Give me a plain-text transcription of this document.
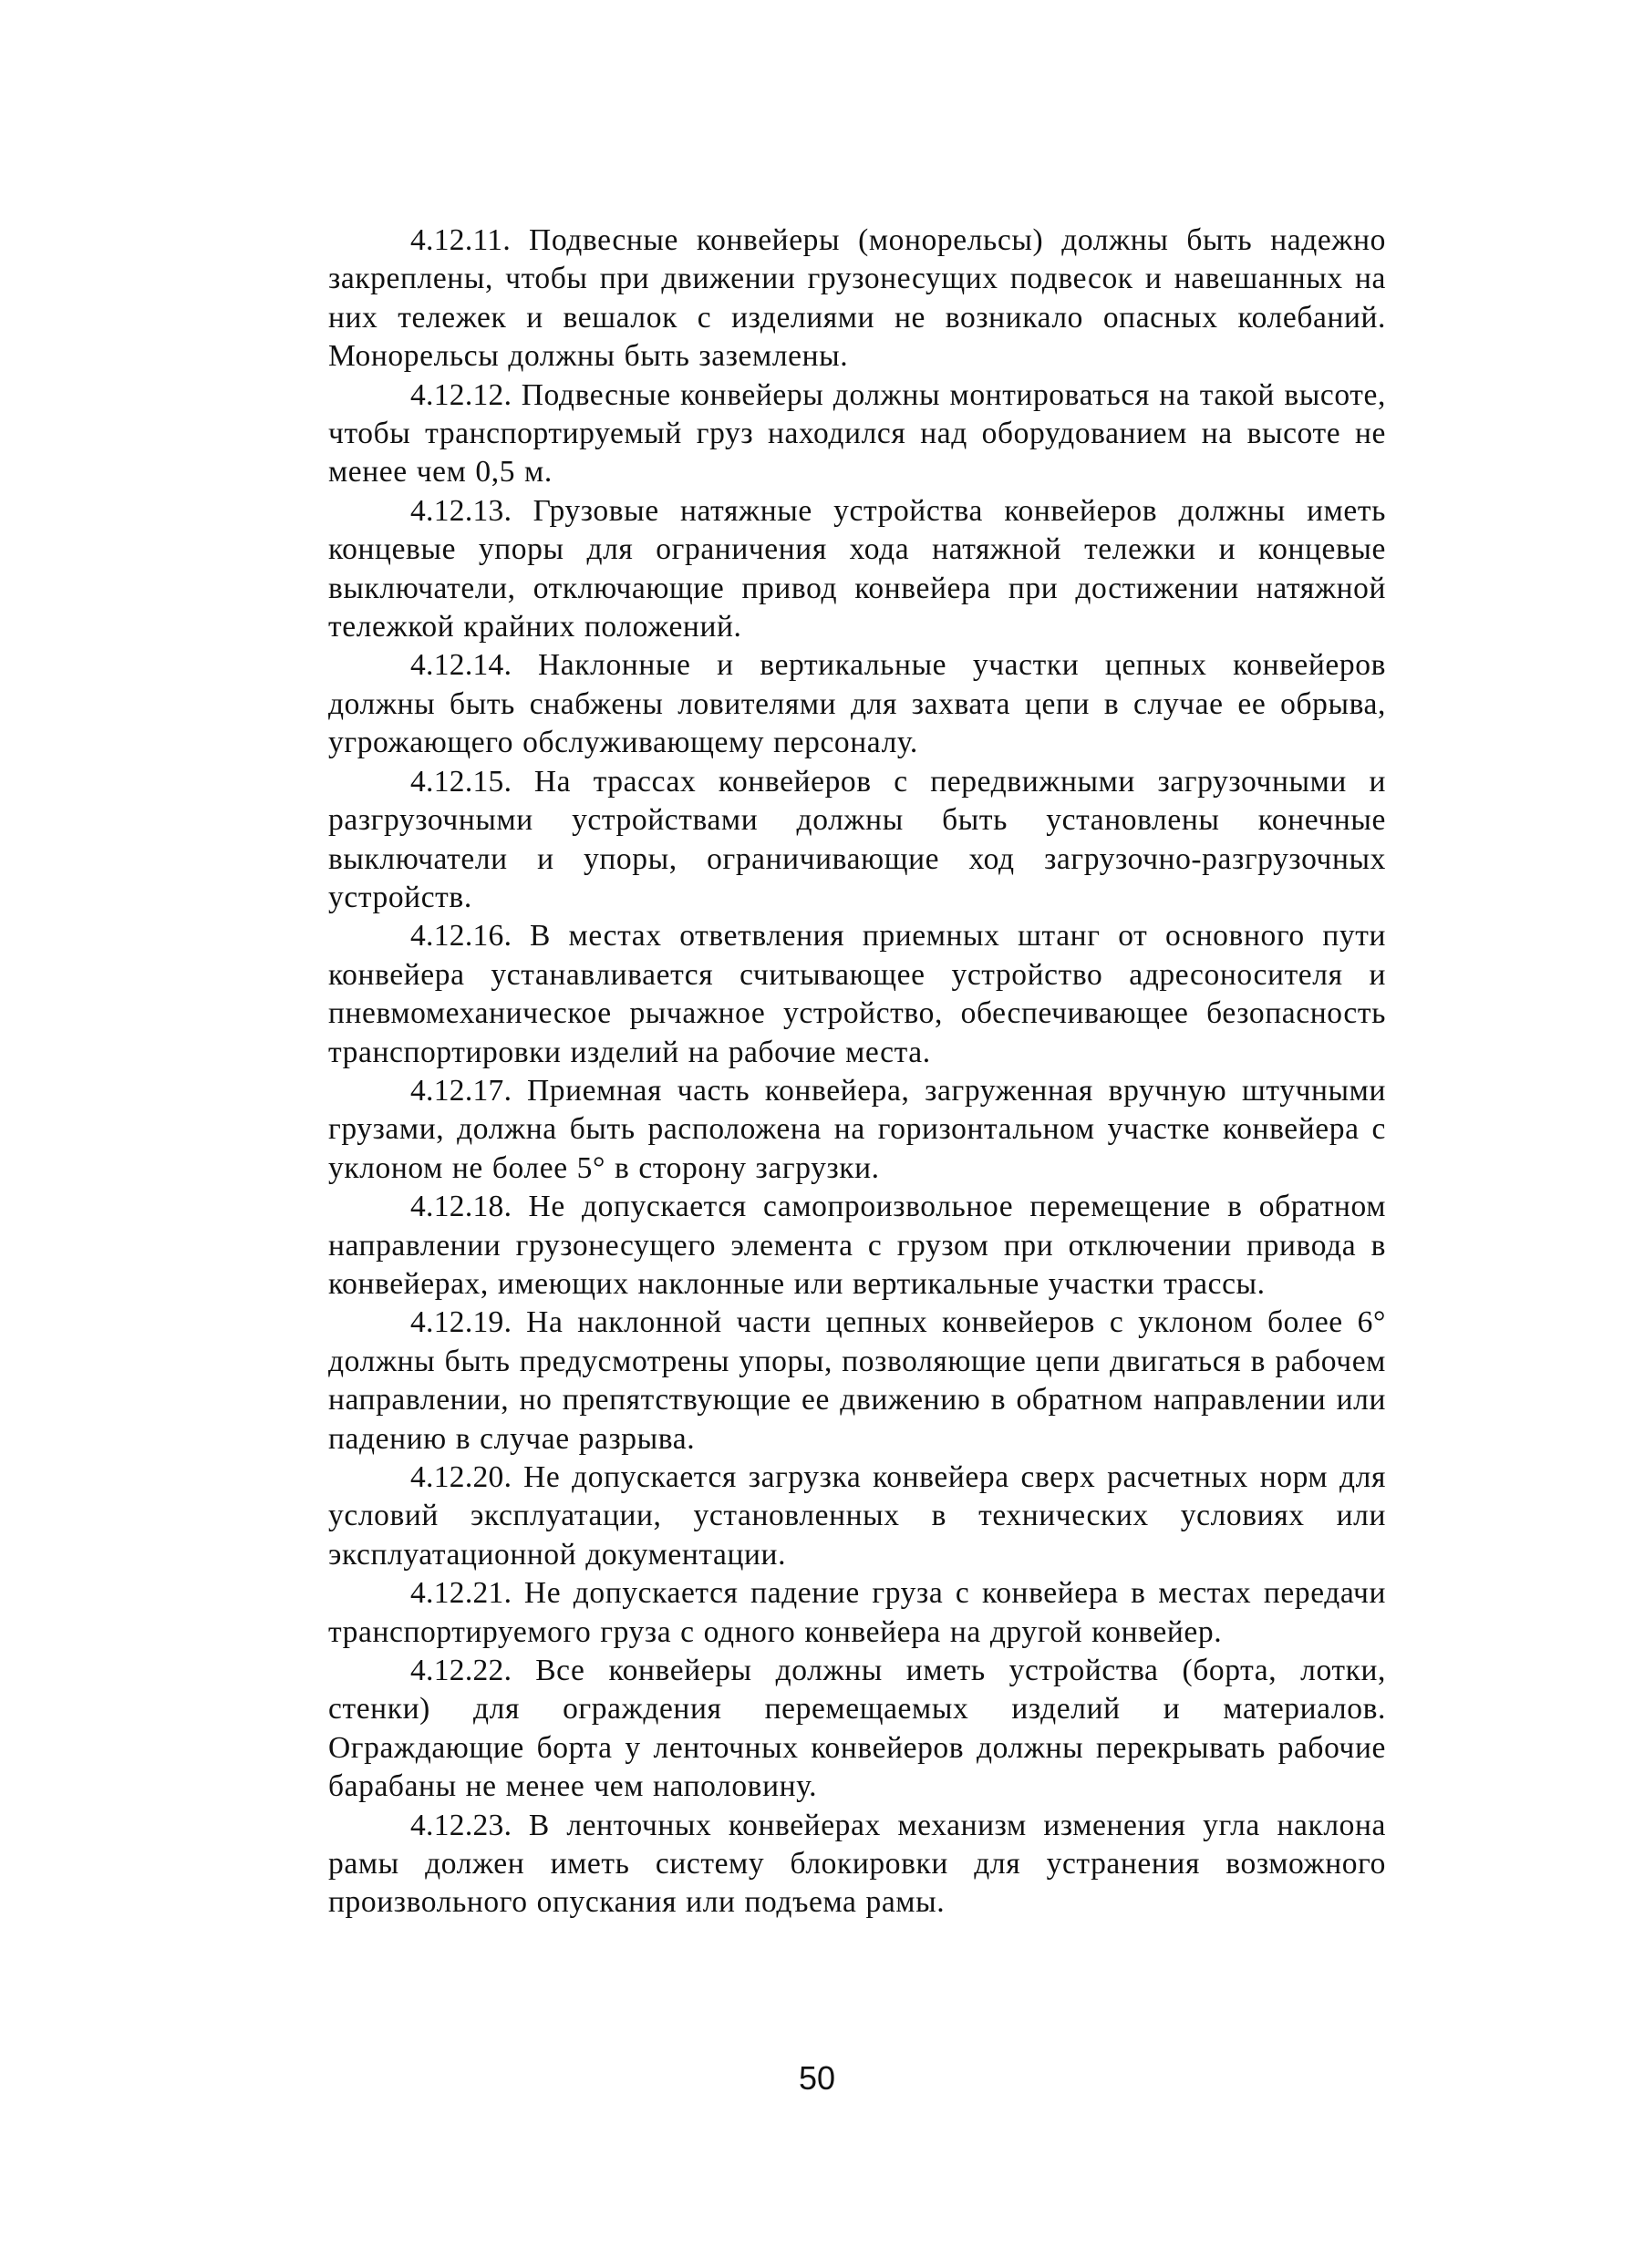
4.12.11. Подвесные конвейеры (монорельсы) должны быть надежно закреплены, чтобы при движении грузонесущих подвесок и навешанных на них тележек и вешалок с изделиями не возникало опасных колебаний. Монорельсы должны быть заземлены.

4.12.12. Подвесные конвейеры должны монтироваться на такой высоте, чтобы транспортируемый груз находился над оборудованием на высоте не менее чем 0,5 м.

4.12.13. Грузовые натяжные устройства конвейеров должны иметь концевые упоры для ограничения хода натяжной тележки и концевые выключатели, отключающие привод конвейера при достижении натяжной тележкой крайних положений.

4.12.14. Наклонные и вертикальные участки цепных конвейеров должны быть снабжены ловителями для захвата цепи в случае ее обрыва, угрожающего обслуживающему персоналу.

4.12.15. На трассах конвейеров с передвижными загрузочными и разгрузочными устройствами должны быть установлены конечные выключатели и упоры, ограничивающие ход загрузочно-разгрузочных устройств.

4.12.16. В местах ответвления приемных штанг от основного пути конвейера устанавливается считывающее устройство адресоносителя и пневмомеханическое рычажное устройство, обеспечивающее безопасность транспортировки изделий на рабочие места.

4.12.17. Приемная часть конвейера, загруженная вручную штучными грузами, должна быть расположена на горизонтальном участке конвейера с уклоном не более 5° в сторону загрузки.

4.12.18. Не допускается самопроизвольное перемещение в обратном направлении грузонесущего элемента с грузом при отключении привода в конвейерах, имеющих наклонные или вертикальные участки трассы.

4.12.19. На наклонной части цепных конвейеров с уклоном более 6° должны быть предусмотрены упоры, позволяющие цепи двигаться в рабочем направлении, но препятствующие ее движению в обратном направлении или падению в случае разрыва.

4.12.20. Не допускается загрузка конвейера сверх расчетных норм для условий эксплуатации, установленных в технических условиях или эксплуатационной документации.

4.12.21. Не допускается падение груза с конвейера в местах передачи транспортируемого груза с одного конвейера на другой конвейер.

4.12.22. Все конвейеры должны иметь устройства (борта, лотки, стенки) для ограждения перемещаемых изделий и материалов. Ограждающие борта у ленточных конвейеров должны перекрывать рабочие барабаны не менее чем наполовину.

4.12.23. В ленточных конвейерах механизм изменения угла наклона рамы должен иметь систему блокировки для устранения возможного произвольного опускания или подъема рамы.

50
